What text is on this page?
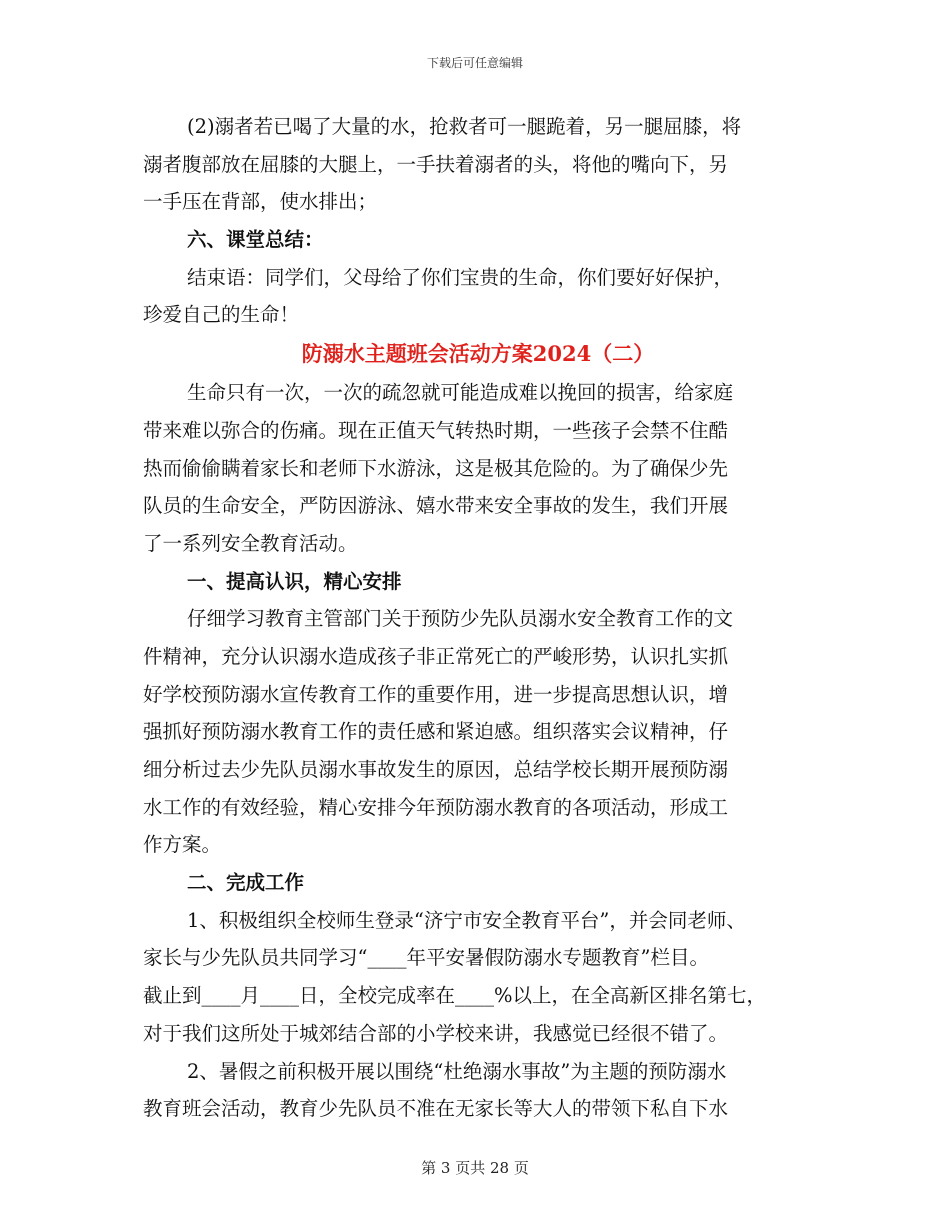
下载后可任意编辑
(2)溺者若已喝了大量的水，抢救者可一腿跪着，另一腿屈膝，将
溺者腹部放在屈膝的大腿上，一手扶着溺者的头，将他的嘴向下，另
一手压在背部，使水排出；
六、课堂总结：
结束语：同学们，父母给了你们宝贵的生命，你们要好好保护，
珍爱自己的生命！
防溺水主题班会活动方案2024（二）
生命只有一次，一次的疏忽就可能造成难以挽回的损害，给家庭
带来难以弥合的伤痛。现在正值天气转热时期，一些孩子会禁不住酷
热而偷偷瞒着家长和老师下水游泳，这是极其危险的。为了确保少先
队员的生命安全，严防因游泳、嬉水带来安全事故的发生，我们开展
了一系列安全教育活动。
一、提高认识，精心安排
仔细学习教育主管部门关于预防少先队员溺水安全教育工作的文
件精神，充分认识溺水造成孩子非正常死亡的严峻形势，认识扎实抓
好学校预防溺水宣传教育工作的重要作用，进一步提高思想认识，增
强抓好预防溺水教育工作的责任感和紧迫感。组织落实会议精神，仔
细分析过去少先队员溺水事故发生的原因，总结学校长期开展预防溺
水工作的有效经验，精心安排今年预防溺水教育的各项活动，形成工
作方案。
二、完成工作
1、积极组织全校师生登录“济宁市安全教育平台”，并会同老师、
家长与少先队员共同学习“____年平安暑假防溺水专题教育”栏目。
截止到____月____日，全校完成率在____%以上，在全高新区排名第七，
对于我们这所处于城郊结合部的小学校来讲，我感觉已经很不错了。
2、暑假之前积极开展以围绕“杜绝溺水事故”为主题的预防溺水
教育班会活动，教育少先队员不准在无家长等大人的带领下私自下水
第 3 页共 28 页
